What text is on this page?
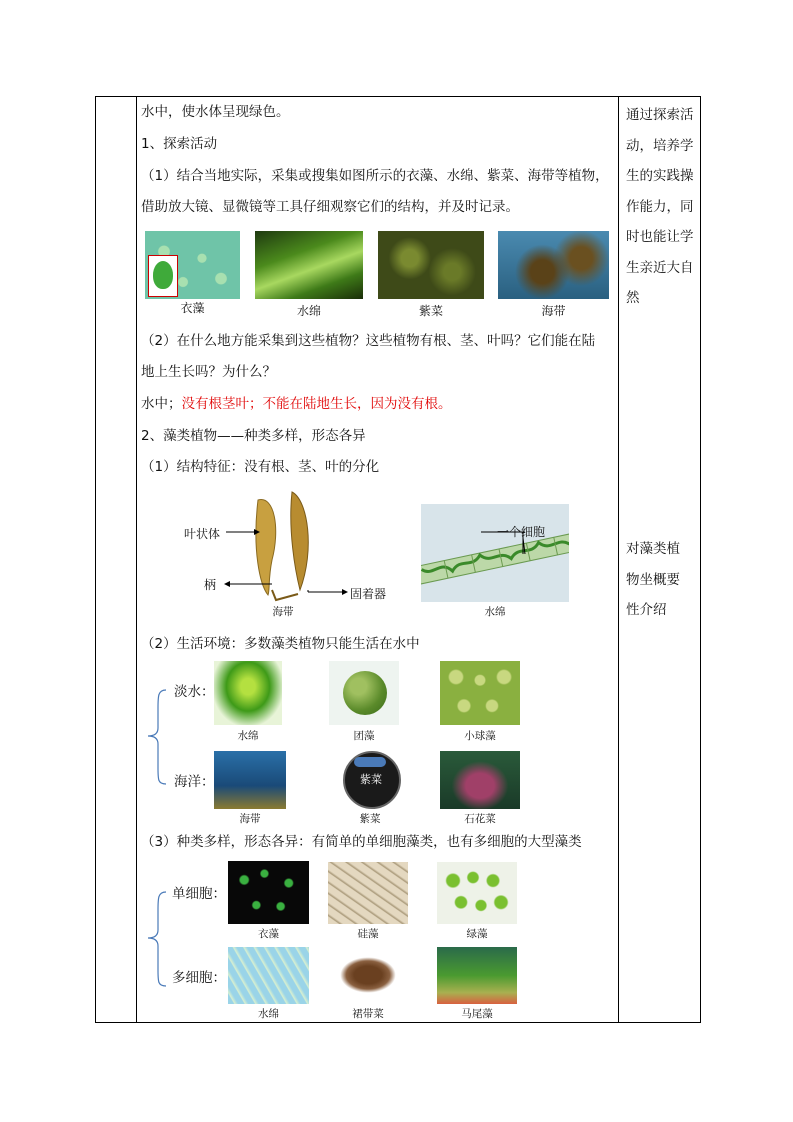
水中，使水体呈现绿色。
1、探索活动
（1）结合当地实际，采集或搜集如图所示的衣藻、水绵、紫菜、海带等植物，
借助放大镜、显微镜等工具仔细观察它们的结构，并及时记录。
衣藻	水绵	紫菜	海带
（2）在什么地方能采集到这些植物？这些植物有根、茎、叶吗？它们能在陆
地上生长吗？为什么？
水中；没有根茎叶；不能在陆地生长，因为没有根。
2、藻类植物——种类多样，形态各异
（1）结构特征：没有根、茎、叶的分化
叶状体
柄
固着器
海带
一个细胞
水绵
（2）生活环境：多数藻类植物只能生活在水中
淡水：
海洋：
水绵	团藻	小球藻
海带
紫菜
紫菜	石花菜
（3）种类多样，形态各异：有简单的单细胞藻类，也有多细胞的大型藻类
单细胞：
多细胞：
衣藻	硅藻	绿藻
水绵	裙带菜	马尾藻
通过探索活
动，培养学
生的实践操
作能力，同
时也能让学
生亲近大自
然
对藻类植
物坐概要
性介绍
